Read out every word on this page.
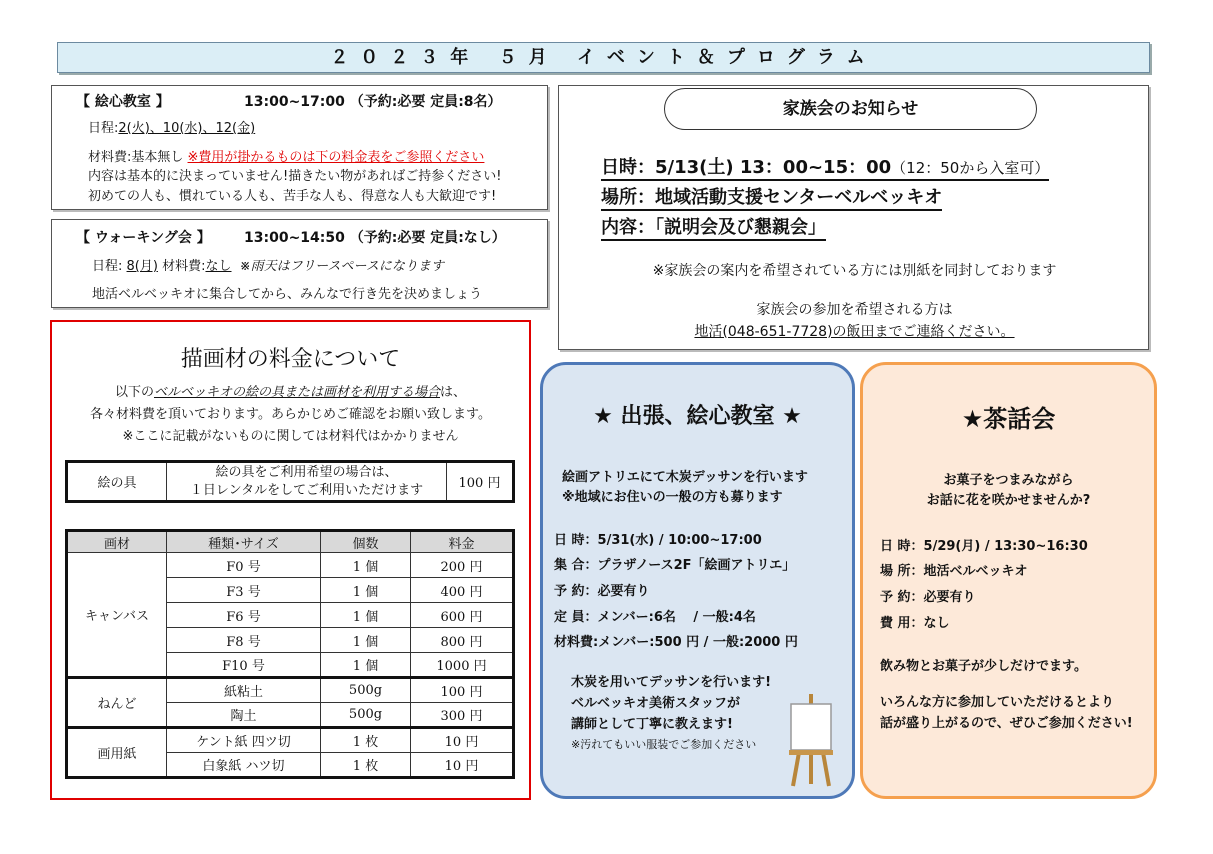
２０２３年 ５月 イベント＆プログラム
【 絵心教室 】	13:00~17:00 （予約:必要 定員:8名）
日程:2(火)、10(水)、12(金)
材料費:基本無し ※費用が掛かるものは下の料金表をご参照ください
内容は基本的に決まっていません!描きたい物があればご持参ください!
初めての人も、慣れている人も、苦手な人も、得意な人も大歓迎です!
【 ウォーキング会 】 13:00~14:50 （予約:必要 定員:なし）
日程: 8(月) 材料費:なし ※雨天はフリースペースになります
地活ベルベッキオに集合してから、みんなで行き先を決めましょう
家族会のお知らせ
日時：5/13(土) 13：00~15：00（12：50から入室可）
場所：地域活動支援センターベルベッキオ
内容：「説明会及び懇親会」
※家族会の案内を希望されている方には別紙を同封しております
家族会の参加を希望される方は
地活(048-651-7728)の飯田までご連絡ください。
描画材の料金について
以下のベルベッキオの絵の具または画材を利用する場合は、
各々材料費を頂いております。あらかじめご確認をお願い致します。
※ここに記載がないものに関しては材料代はかかりません
絵の具	
絵の具をご利用希望の場合は、
１日レンタルをしてご利用いただけます	100 円
画材	種類･サイズ	個数	料金
キャンバス	F0 号	1 個	200 円
	F3 号	1 個	400 円
	F6 号	1 個	600 円
	F8 号	1 個	800 円
	F10 号	1 個	1000 円
ねんど	紙粘土	500g	100 円
	陶土	500g	300 円
画用紙	ケント紙 四ツ切	1 枚	10 円
	白象紙 ハツ切	1 枚	10 円
★ 出張、絵心教室 ★
絵画アトリエにて木炭デッサンを行います
※地域にお住いの一般の方も募ります
日 時：5/31(水) / 10:00~17:00
集 合：プラザノース2F「絵画アトリエ」
予 約：必要有り
定 員：メンバー:6名　 / 一般:4名
材料費:メンバー:500 円 / 一般:2000 円
木炭を用いてデッサンを行います!
ベルベッキオ美術スタッフが
講師として丁寧に教えます!
※汚れてもいい服装でご参加ください
★茶話会
お菓子をつまみながら
お話に花を咲かせませんか?
日 時：5/29(月) / 13:30~16:30
場 所：地活ベルベッキオ
予 約：必要有り
費 用：なし
飲み物とお菓子が少しだけでます。
いろんな方に参加していただけるとより
話が盛り上がるので、ぜひご参加ください!
